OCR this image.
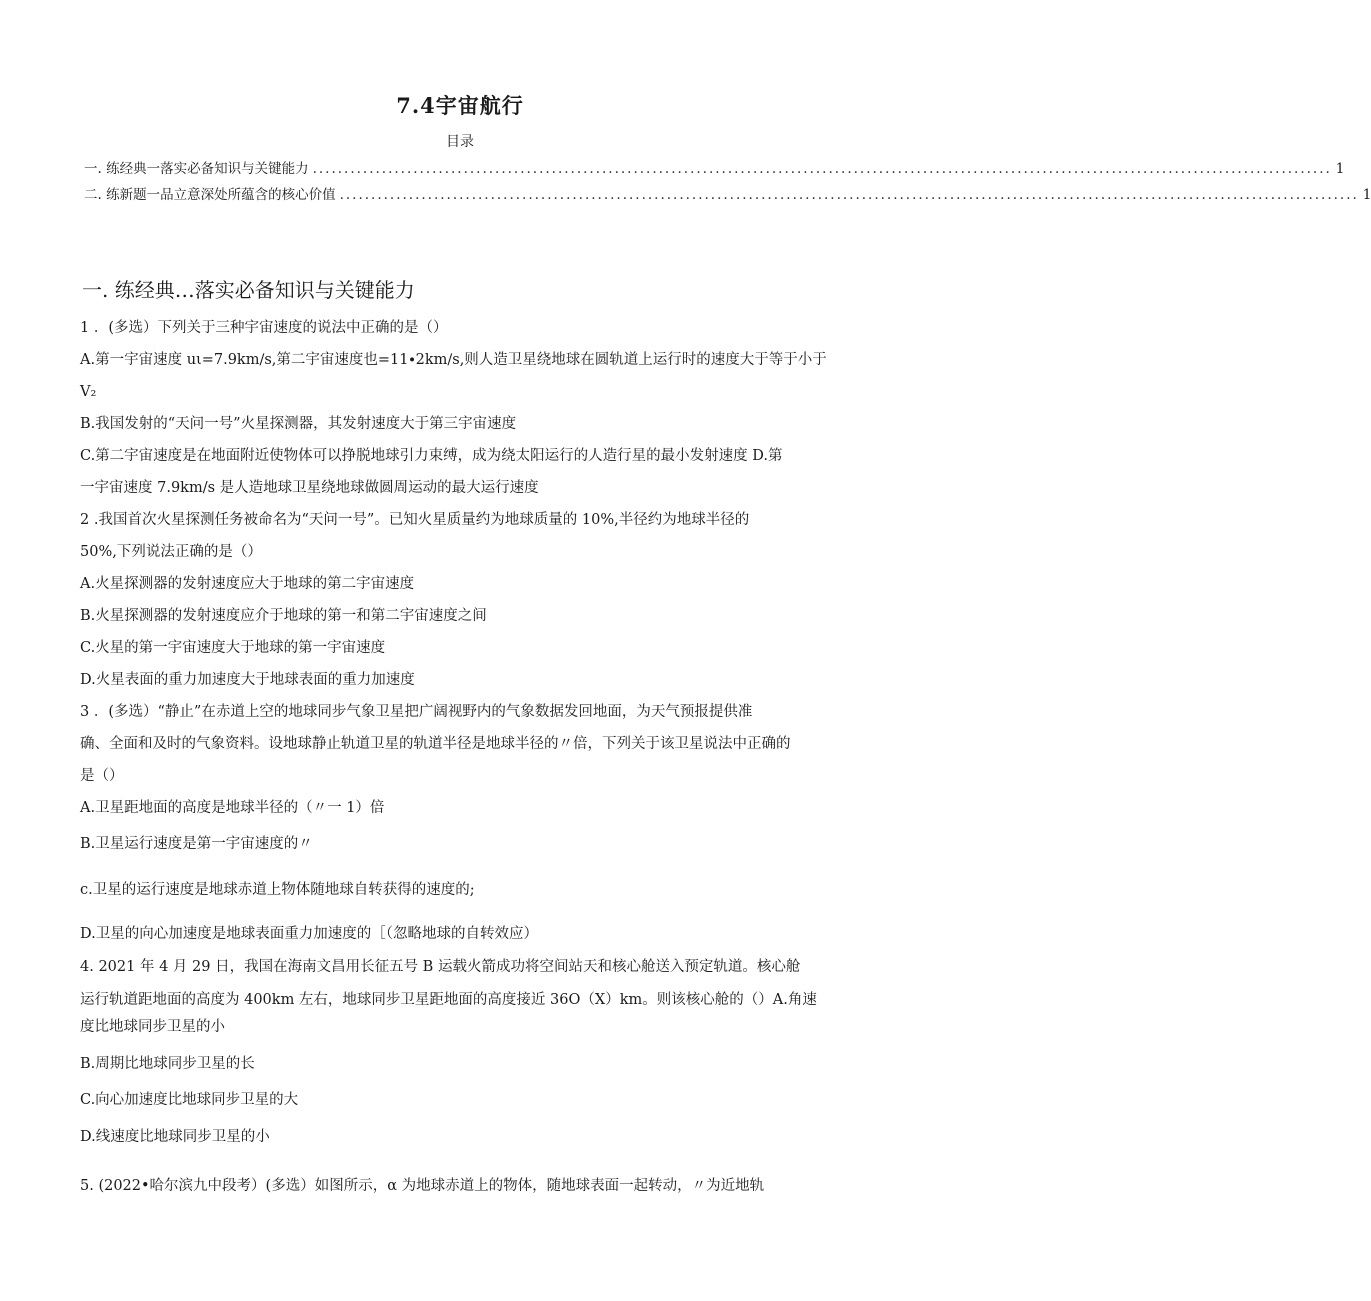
7.4宇宙航行
目录
一. 练经典一落实必备知识与关键能力 .................................................................................................................................................................. 1
二. 练新题一品立意深处所蕴含的核心价值 .................................................................................................................................................................. 1
一. 练经典…落实必备知识与关键能力
1 ．(多选）下列关于三种宇宙速度的说法中正确的是（）
A.第一宇宙速度 uι=7.9km∕s,第二宇宙速度也=11∙2km∕s,则人造卫星绕地球在圆轨道上运行时的速度大于等于小于
V₂
B.我国发射的“天问一号”火星探测器，其发射速度大于第三宇宙速度
C.第二宇宙速度是在地面附近使物体可以挣脱地球引力束缚，成为绕太阳运行的人造行星的最小发射速度 D.第
一宇宙速度 7.9km/s 是人造地球卫星绕地球做圆周运动的最大运行速度
2 .我国首次火星探测任务被命名为“天问一号”。已知火星质量约为地球质量的 10%,半径约为地球半径的
50%,下列说法正确的是（）
A.火星探测器的发射速度应大于地球的第二宇宙速度
B.火星探测器的发射速度应介于地球的第一和第二宇宙速度之间
C.火星的第一宇宙速度大于地球的第一宇宙速度
D.火星表面的重力加速度大于地球表面的重力加速度
3 ．(多选）“静止”在赤道上空的地球同步气象卫星把广阔视野内的气象数据发回地面，为天气预报提供准
确、全面和及时的气象资料。设地球静止轨道卫星的轨道半径是地球半径的〃倍，下列关于该卫星说法中正确的
是（）
A.卫星距地面的高度是地球半径的（〃一 1）倍
B.卫星运行速度是第一宇宙速度的〃
c.卫星的运行速度是地球赤道上物体随地球自转获得的速度的;
D.卫星的向心加速度是地球表面重力加速度的［（忽略地球的自转效应）
4. 2021 年 4 月 29 日，我国在海南文昌用长征五号 B 运载火箭成功将空间站天和核心舱送入预定轨道。核心舱
运行轨道距地面的高度为 400km 左右，地球同步卫星距地面的高度接近 36O（X）km。则该核心舱的（）A.角速
度比地球同步卫星的小
B.周期比地球同步卫星的长
C.向心加速度比地球同步卫星的大
D.线速度比地球同步卫星的小
5. (2022•哈尔滨九中段考）(多选）如图所示，α 为地球赤道上的物体，随地球表面一起转动，〃为近地轨
